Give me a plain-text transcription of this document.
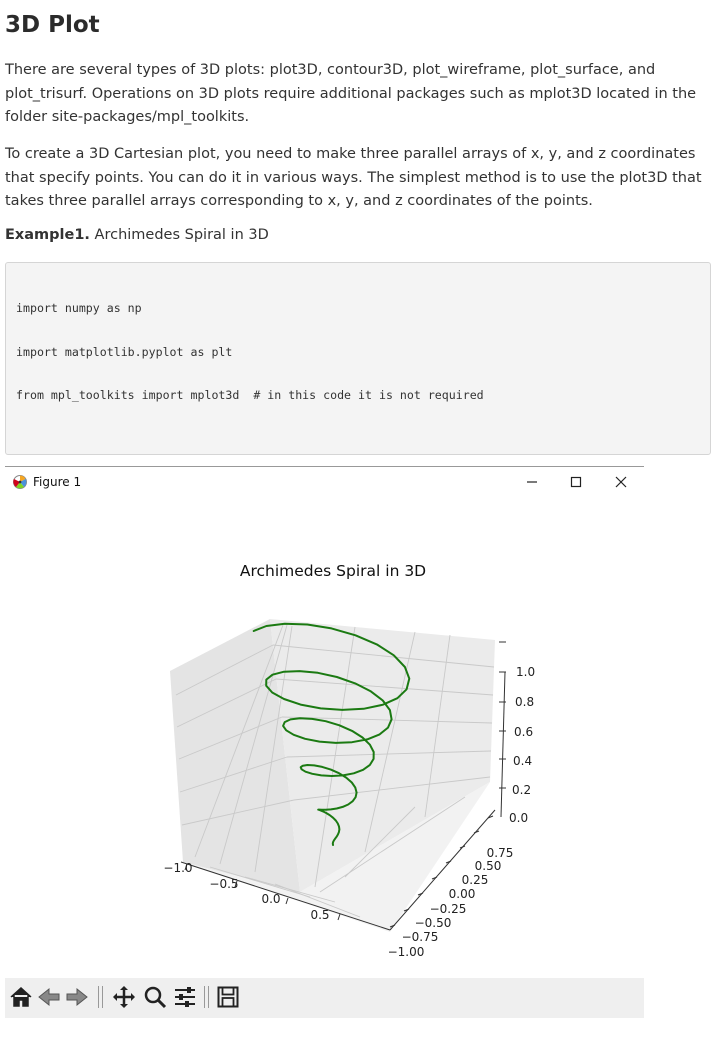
3D Plot

There are several types of 3D plots: plot3D, contour3D, plot_wireframe, plot_surface, and plot_trisurf. Operations on 3D plots require additional packages such as mplot3D located in the folder site-packages/mpl_toolkits.

To create a 3D Cartesian plot, you need to make three parallel arrays of x, y, and z coordinates that specify points. You can do it in various ways. The simplest method is to use the plot3D that takes three parallel arrays corresponding to x, y, and z coordinates of the points.

Example1. Archimedes Spiral in 3D

import numpy as np

import matplotlib.pyplot as plt

from mpl_toolkits import mplot3d  # in this code it is not required

Figure 1
Archimedes Spiral in 3D
−1.0
−0.5
0.0
0.5
−1.00
−0.75
−0.50
−0.25
0.00
0.25
0.50
0.75
0.0
0.2
0.4
0.6
0.8
1.0
